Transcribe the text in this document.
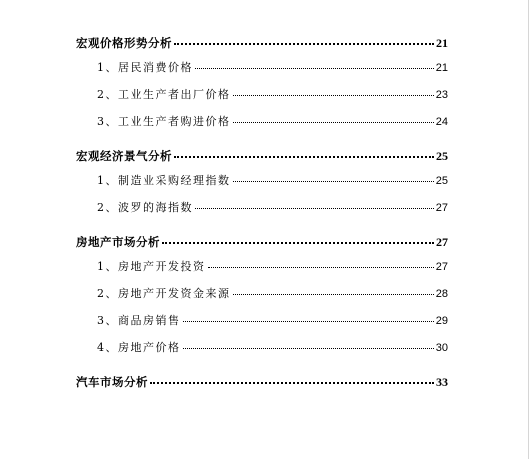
宏观价格形势分析	21
1、居民消费价格	21
2、工业生产者出厂价格	23
3、工业生产者购进价格	24
宏观经济景气分析	25
1、制造业采购经理指数	25
2、波罗的海指数	27
房地产市场分析	27
1、房地产开发投资	27
2、房地产开发资金来源	28
3、商品房销售	29
4、房地产价格	30
汽车市场分析	33
